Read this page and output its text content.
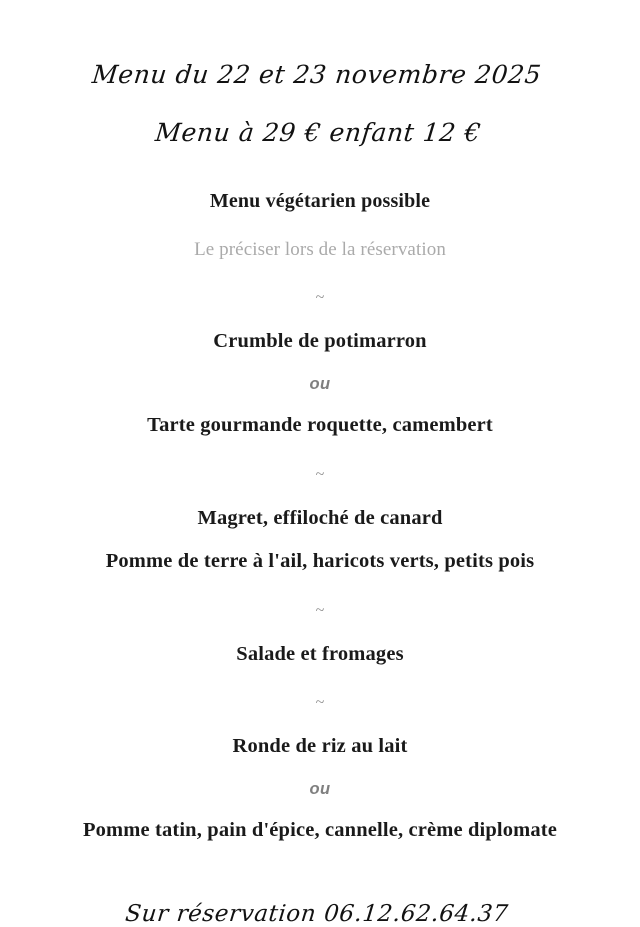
Menu du 22 et 23 novembre 2025
Menu à 29 € enfant 12 €
Menu végétarien possible
Le préciser lors de la réservation
~
Crumble de potimarron
ou
Tarte gourmande roquette, camembert
~
Magret, effiloché de canard
Pomme de terre à l'ail, haricots verts, petits pois
~
Salade et fromages
~
Ronde de riz au lait
ou
Pomme tatin, pain d'épice, cannelle, crème diplomate
Sur réservation 06.12.62.64.37
